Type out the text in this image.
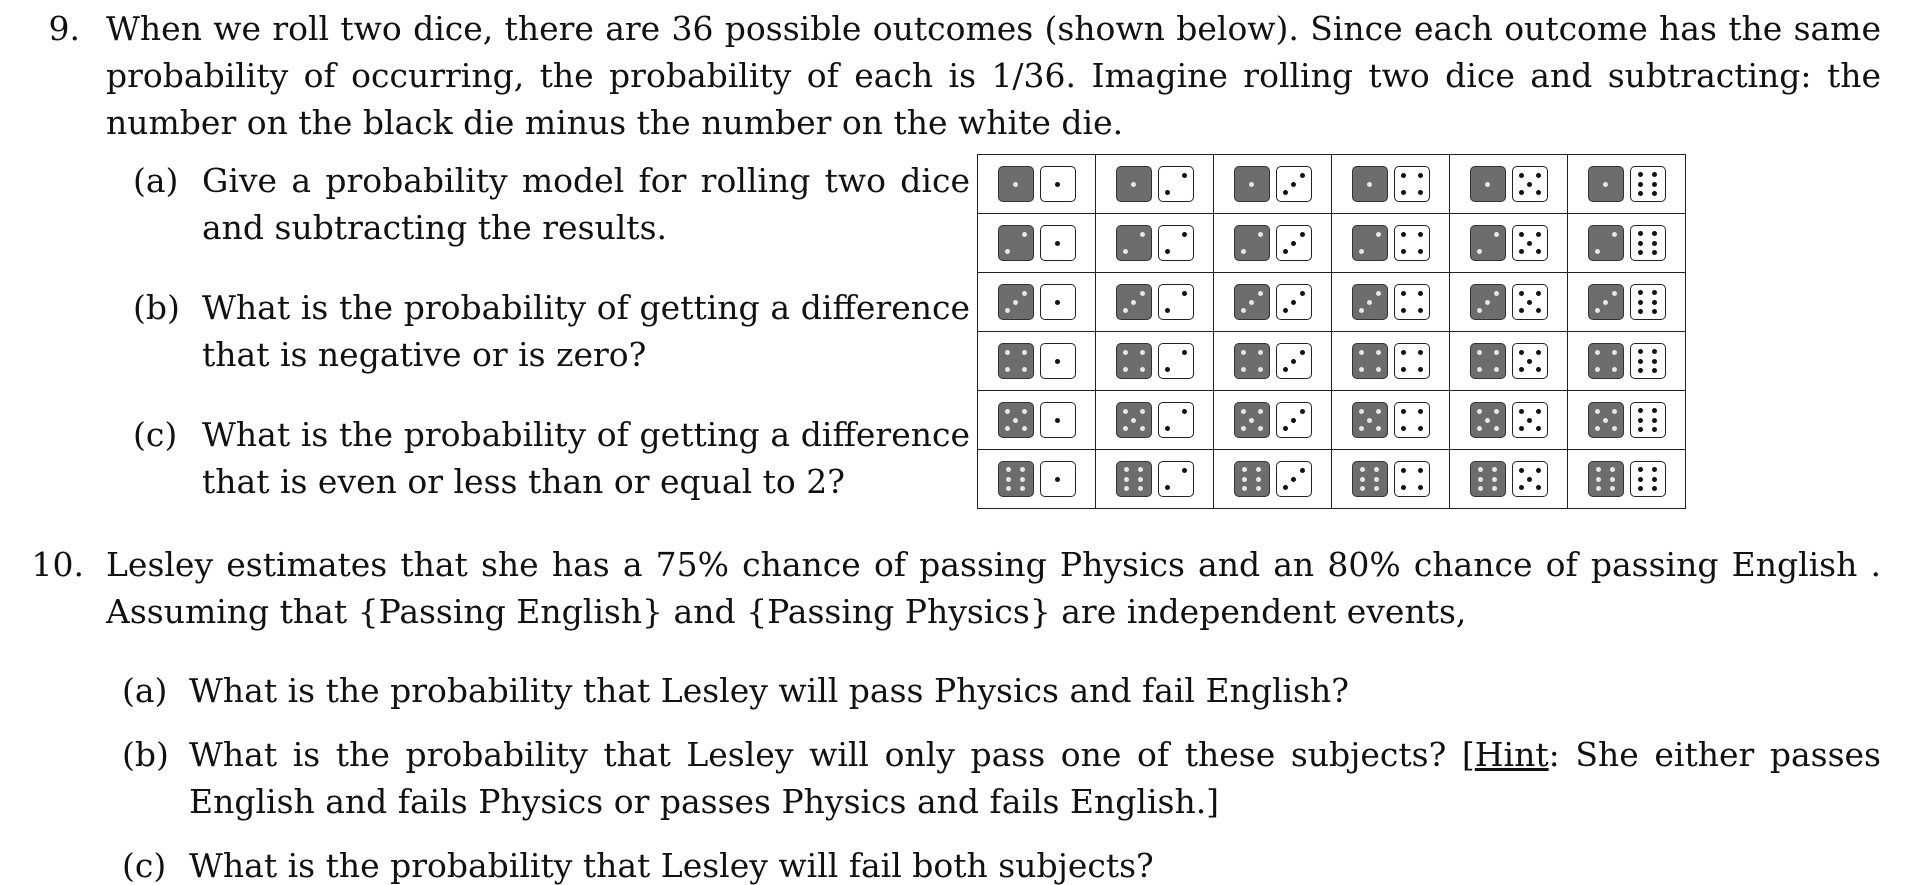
9. When we roll two dice, there are 36 possible outcomes (shown below). Since each outcome has the same
probability of occurring, the probability of each is 1/36. Imagine rolling two dice and subtracting: the
number on the black die minus the number on the white die.
(a) Give a probability model for rolling two dice
and subtracting the results.
(b) What is the probability of getting a difference
that is negative or is zero?
(c) What is the probability of getting a difference
that is even or less than or equal to 2?

10. Lesley estimates that she has a 75% chance of passing Physics and an 80% chance of passing English .
Assuming that {Passing English} and {Passing Physics} are independent events,
(a) What is the probability that Lesley will pass Physics and fail English?
(b) What is the probability that Lesley will only pass one of these subjects? [Hint: She either passes
English and fails Physics or passes Physics and fails English.]
(c) What is the probability that Lesley will fail both subjects?
